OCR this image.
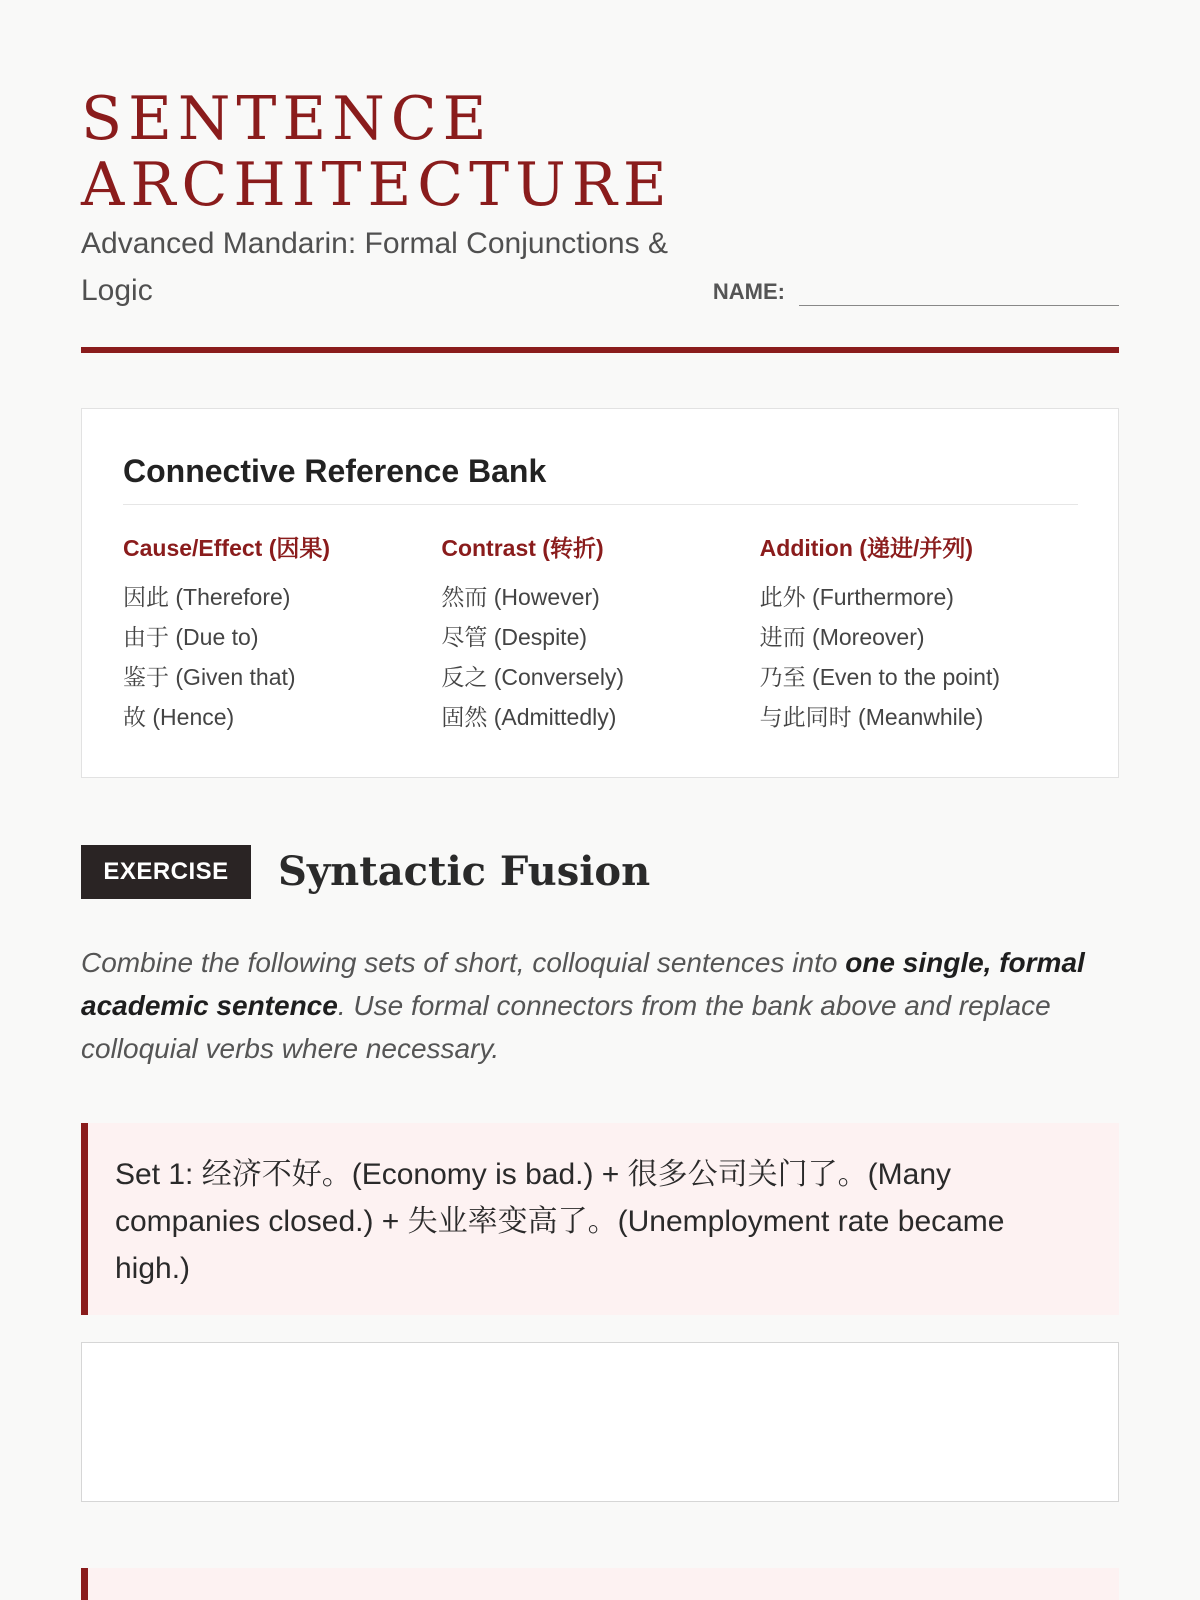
SENTENCE
ARCHITECTURE
Advanced Mandarin: Formal Conjunctions & Logic	NAME:
Connective Reference Bank
Cause/Effect (因果)
因此 (Therefore)
由于 (Due to)
鉴于 (Given that)
故 (Hence)
Contrast (转折)
然而 (However)
尽管 (Despite)
反之 (Conversely)
固然 (Admittedly)
Addition (递进/并列)
此外 (Furthermore)
进而 (Moreover)
乃至 (Even to the point)
与此同时 (Meanwhile)
EXERCISE	Syntactic Fusion

Combine the following sets of short, colloquial sentences into one single, formal academic sentence. Use formal connectors from the bank above and replace colloquial verbs where necessary.

Set 1: 经济不好。(Economy is bad.) + 很多公司关门了。(Many companies closed.) + 失业率变高了。(Unemployment rate became high.)
